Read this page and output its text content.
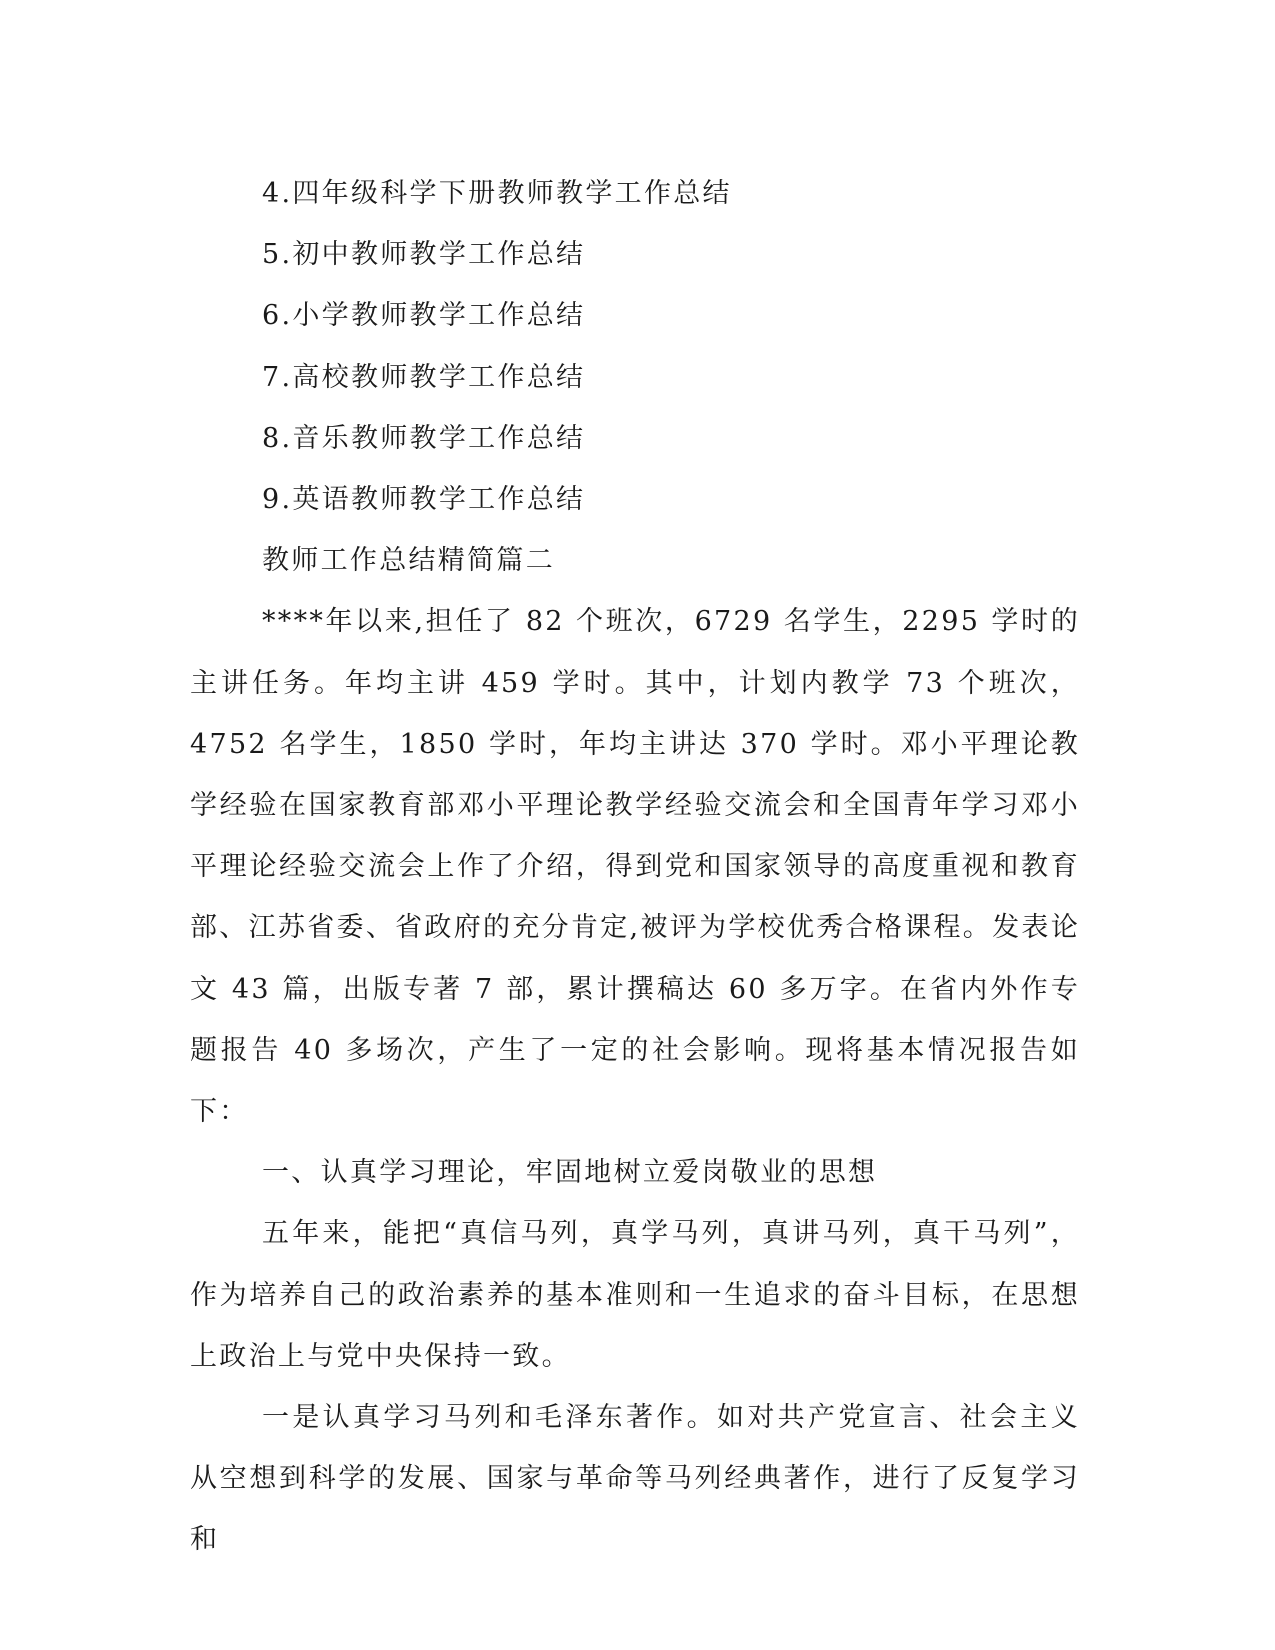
4.四年级科学下册教师教学工作总结
5.初中教师教学工作总结
6.小学教师教学工作总结
7.高校教师教学工作总结
8.音乐教师教学工作总结
9.英语教师教学工作总结
教师工作总结精简篇二

****年以来,担任了 82 个班次，6729 名学生，2295 学时的主讲任务。年均主讲 459 学时。其中，计划内教学 73 个班次，4752 名学生，1850 学时，年均主讲达 370 学时。邓小平理论教学经验在国家教育部邓小平理论教学经验交流会和全国青年学习邓小平理论经验交流会上作了介绍，得到党和国家领导的高度重视和教育部、江苏省委、省政府的充分肯定,被评为学校优秀合格课程。发表论文 43 篇，出版专著 7 部，累计撰稿达 60 多万字。在省内外作专题报告 40 多场次，产生了一定的社会影响。现将基本情况报告如下：

一、认真学习理论，牢固地树立爱岗敬业的思想

五年来，能把“真信马列，真学马列，真讲马列，真干马列”，作为培养自己的政治素养的基本准则和一生追求的奋斗目标，在思想上政治上与党中央保持一致。

一是认真学习马列和毛泽东著作。如对共产党宣言、社会主义从空想到科学的发展、国家与革命等马列经典著作，进行了反复学习和
